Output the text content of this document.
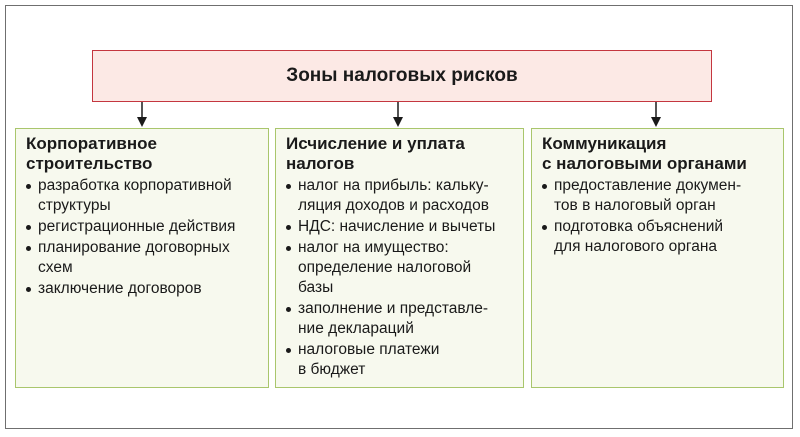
Зоны налоговых рисков
Корпоративное
строительство
разработка корпоративной
структуры
регистрационные действия
планирование договорных
схем
заключение договоров
Исчисление и уплата
налогов
налог на прибыль: кальку-
ляция доходов и расходов
НДС: начисление и вычеты
налог на имущество:
определение налоговой
базы
заполнение и представле-
ние деклараций
налоговые платежи
в бюджет
Коммуникация
с налоговыми органами
предоставление докумен-
тов в налоговый орган
подготовка объяснений
для налогового органа
